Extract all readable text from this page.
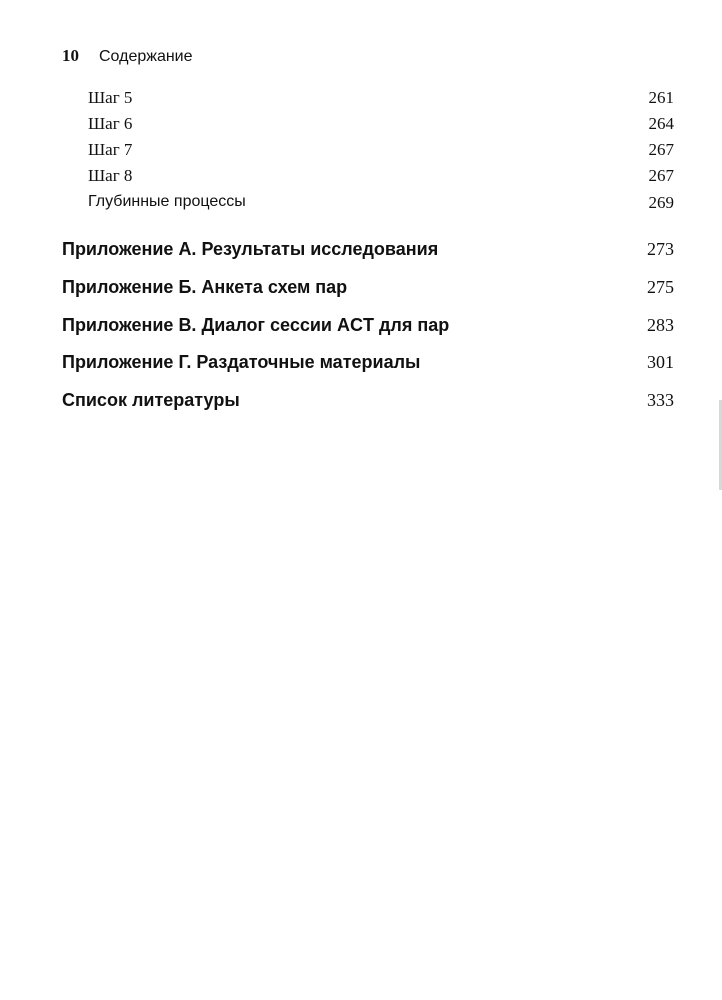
10 Содержание
Шаг 5	261
Шаг 6	264
Шаг 7	267
Шаг 8	267
Глубинные процессы	269
Приложение А. Результаты исследования	273
Приложение Б. Анкета схем пар	275
Приложение В. Диалог сессии ACT для пар	283
Приложение Г. Раздаточные материалы	301
Список литературы	333
